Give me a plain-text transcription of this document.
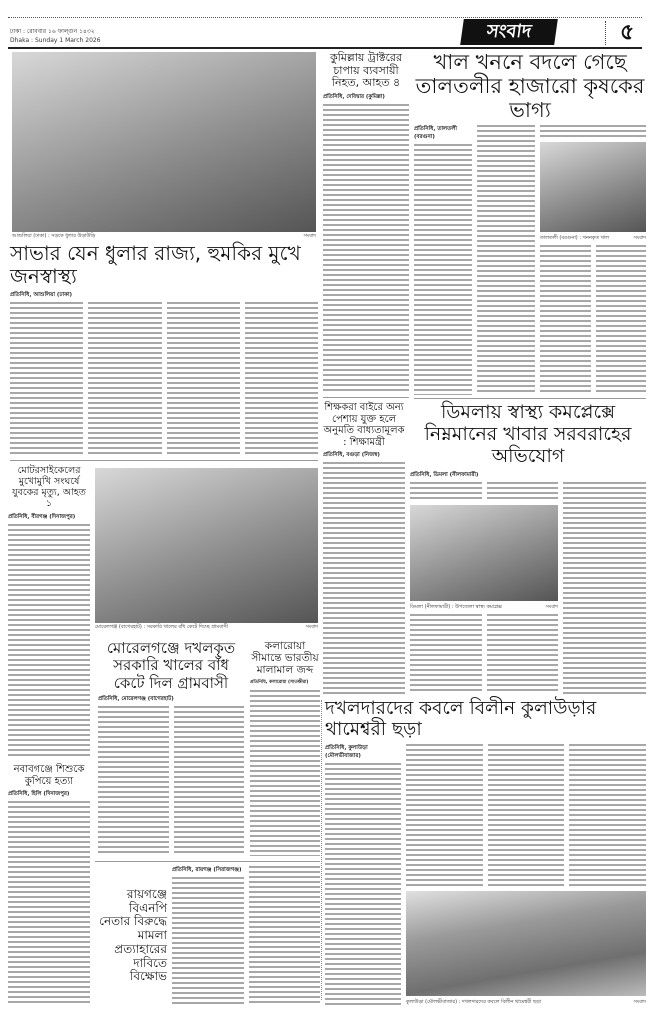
ঢাকা : রোববার ১৬ ফাল্গুন ১৪৩২
Dhaka : Sunday 1 March 2026	সংবাদ	৫
আশুলিয়া (ঢাকা) : সড়কে ধুলার উড়াউড়ি	সংবাদ
সাভার যেন ধুলার রাজ্য, হুমকির মুখে জনস্বাস্থ্য
প্রতিনিধি, আশুলিয়া (ঢাকা)
কুমিল্লায় ট্রাক্টরের চাপায় ব্যবসায়ী নিহত, আহত ৪
প্রতিনিধি, দেবিদ্বার (কুমিল্লা)
খাল খননে বদলে গেছে তালতলীর হাজারো কৃষকের ভাগ্য
প্রতিনিধি, তালতলী (বরগুনা)
তালতলী (বরগুনা) : খননকৃত খাল	সংবাদ
শিক্ষকরা বাইরে অন্য পেশায় যুক্ত হলে অনুমতি বাধ্যতামূলক : শিক্ষামন্ত্রী
প্রতিনিধি, বগুড়া (নিজস্ব)
ডিমলায় স্বাস্থ্য কমপ্লেক্সে নিম্নমানের খাবার সরবরাহের অভিযোগ
প্রতিনিধি, ডিমলা (নীলফামারী)
ডিমলা (নীলফামারী) : উপজেলা স্বাস্থ্য কমপ্লেক্স	সংবাদ
মোটরসাইকেলের মুখোমুখি সংঘর্ষে যুবকের মৃত্যু, আহত ১
প্রতিনিধি, বীরগঞ্জ (দিনাজপুর)
মোরেলগঞ্জ (বাগেরহাট) : সরকারি খালের বাঁধ কেটে দিচ্ছে গ্রামবাসী	সংবাদ
মোরেলগঞ্জে দখলকৃত সরকারি খালের বাঁধ কেটে দিল গ্রামবাসী
প্রতিনিধি, মোরেলগঞ্জ (বাগেরহাট)
কলারোয়া সীমান্তে ভারতীয় মালামাল জব্দ
প্রতিনিধি, কলারোয়া (সাতক্ষীরা)
নবাবগঞ্জে শিশুকে কুপিয়ে হত্যা
প্রতিনিধি, হিলি (দিনাজপুর)
রায়গঞ্জে বিএনপি নেতার বিরুদ্ধে মামলা প্রত্যাহারের দাবিতে বিক্ষোভ
প্রতিনিধি, রায়গঞ্জ (সিরাজগঞ্জ)
দখলদারদের কবলে বিলীন কুলাউড়ার থামেশ্বরী ছড়া
প্রতিনিধি, কুলাউড়া (মৌলভীবাজার)
কুলাউড়া (মৌলভীবাজার) : দখলদারদের কবলে বিলীন থামেশ্বরী ছড়া	সংবাদ
